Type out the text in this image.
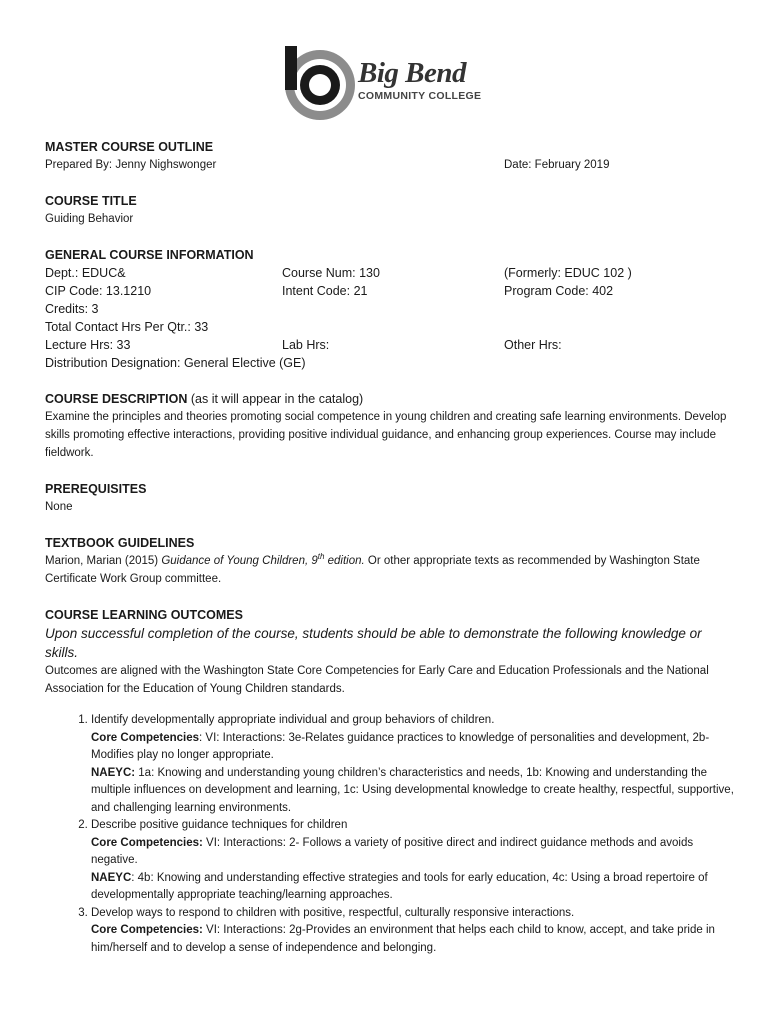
Big Bend
COMMUNITY COLLEGE
MASTER COURSE OUTLINE
Prepared By: Jenny Nighswonger	Date: February 2019
COURSE TITLE
Guiding Behavior
GENERAL COURSE INFORMATION
Dept.: EDUC&	Course Num: 130	(Formerly: EDUC 102 )
CIP Code: 13.1210	Intent Code: 21	Program Code: 402
Credits: 3
Total Contact Hrs Per Qtr.: 33
Lecture Hrs: 33	Lab Hrs:	Other Hrs:
Distribution Designation: General Elective (GE)
COURSE DESCRIPTION (as it will appear in the catalog)
Examine the principles and theories promoting social competence in young children and creating safe learning environments. Develop skills promoting effective interactions, providing positive individual guidance, and enhancing group experiences. Course may include fieldwork.
PREREQUISITES
None
TEXTBOOK GUIDELINES
Marion, Marian (2015) Guidance of Young Children, 9th edition. Or other appropriate texts as recommended by Washington State Certificate Work Group committee.
COURSE LEARNING OUTCOMES
Upon successful completion of the course, students should be able to demonstrate the following knowledge or skills.
Outcomes are aligned with the Washington State Core Competencies for Early Care and Education Professionals and the National Association for the Education of Young Children standards.
1. Identify developmentally appropriate individual and group behaviors of children.
Core Competencies: VI: Interactions: 3e-Relates guidance practices to knowledge of personalities and development, 2b-Modifies play no longer appropriate.
NAEYC: 1a: Knowing and understanding young children’s characteristics and needs, 1b: Knowing and understanding the multiple influences on development and learning, 1c: Using developmental knowledge to create healthy, respectful, supportive, and challenging learning environments.
2. Describe positive guidance techniques for children
Core Competencies: VI: Interactions: 2- Follows a variety of positive direct and indirect guidance methods and avoids negative.
NAEYC: 4b: Knowing and understanding effective strategies and tools for early education, 4c: Using a broad repertoire of developmentally appropriate teaching/learning approaches.
3. Develop ways to respond to children with positive, respectful, culturally responsive interactions.
Core Competencies: VI: Interactions: 2g-Provides an environment that helps each child to know, accept, and take pride in him/herself and to develop a sense of independence and belonging.
